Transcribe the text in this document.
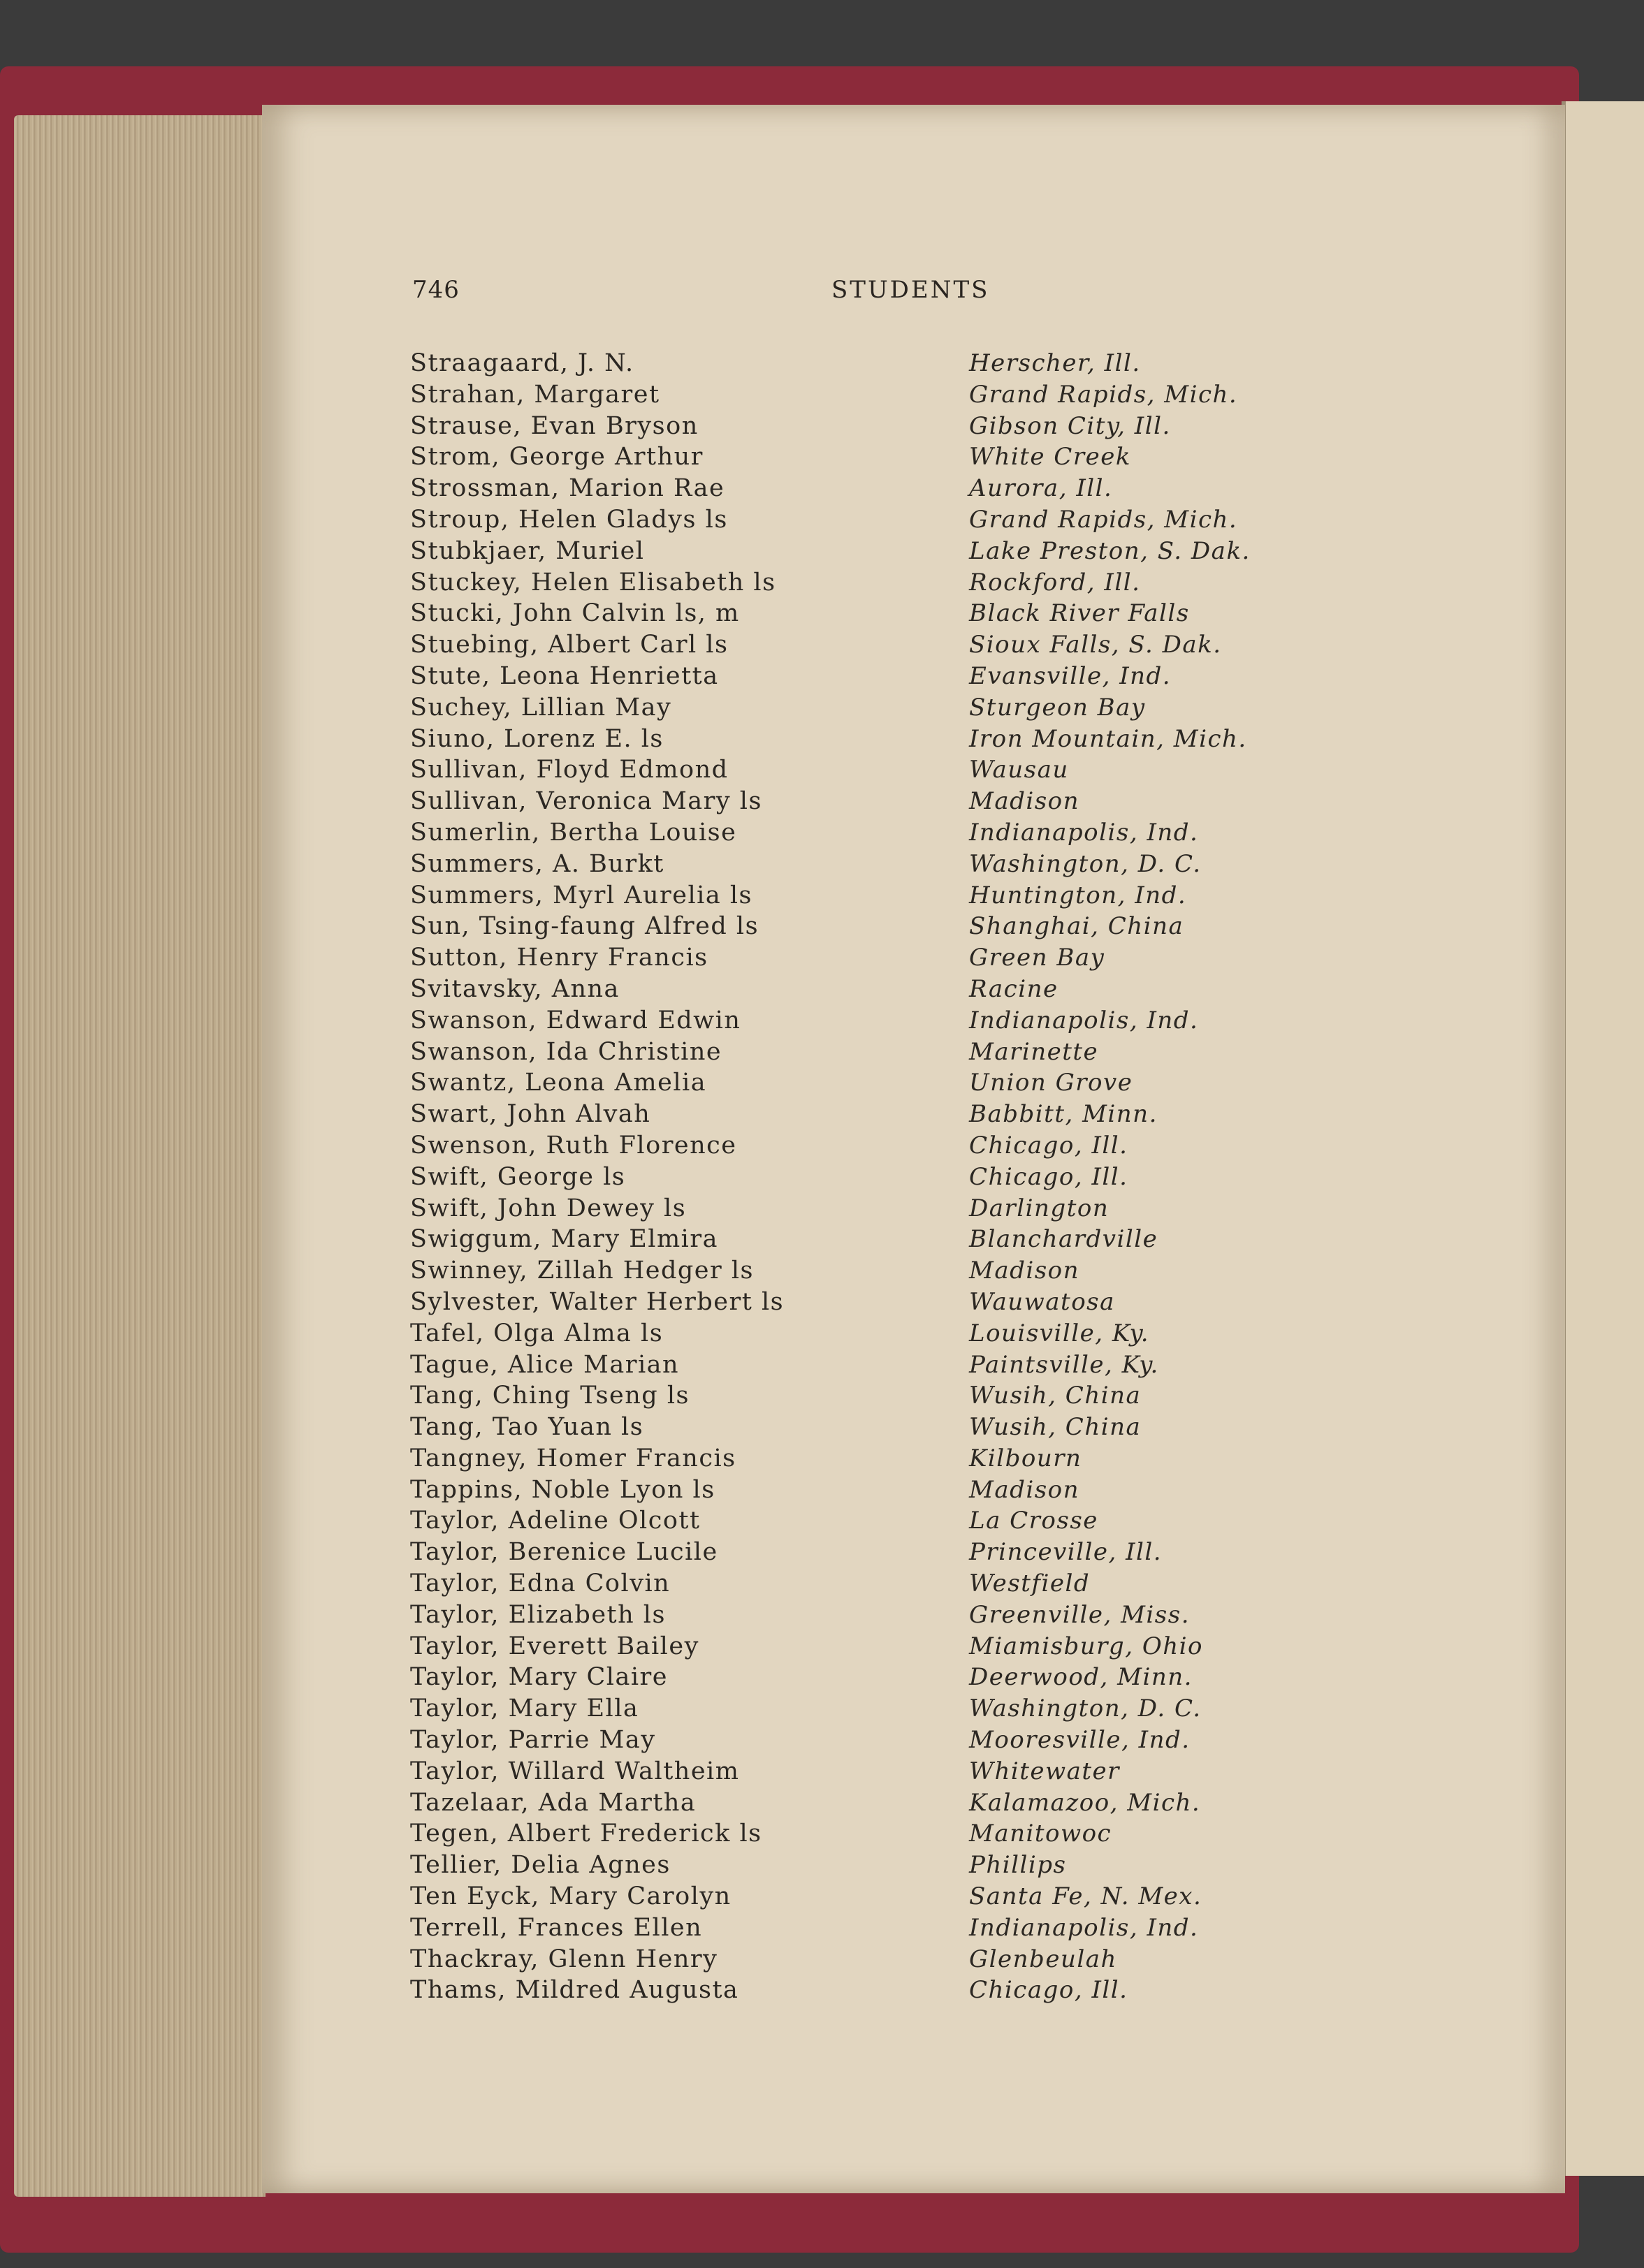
746	STUDENTS
Straagaard, J. N.	Herscher, Ill.
Strahan, Margaret	Grand Rapids, Mich.
Strause, Evan Bryson	Gibson City, Ill.
Strom, George Arthur	White Creek
Strossman, Marion Rae	Aurora, Ill.
Stroup, Helen Gladys ls	Grand Rapids, Mich.
Stubkjaer, Muriel	Lake Preston, S. Dak.
Stuckey, Helen Elisabeth ls	Rockford, Ill.
Stucki, John Calvin ls, m	Black River Falls
Stuebing, Albert Carl ls	Sioux Falls, S. Dak.
Stute, Leona Henrietta	Evansville, Ind.
Suchey, Lillian May	Sturgeon Bay
Siuno, Lorenz E. ls	Iron Mountain, Mich.
Sullivan, Floyd Edmond	Wausau
Sullivan, Veronica Mary ls	Madison
Sumerlin, Bertha Louise	Indianapolis, Ind.
Summers, A. Burkt	Washington, D. C.
Summers, Myrl Aurelia ls	Huntington, Ind.
Sun, Tsing-faung Alfred ls	Shanghai, China
Sutton, Henry Francis	Green Bay
Svitavsky, Anna	Racine
Swanson, Edward Edwin	Indianapolis, Ind.
Swanson, Ida Christine	Marinette
Swantz, Leona Amelia	Union Grove
Swart, John Alvah	Babbitt, Minn.
Swenson, Ruth Florence	Chicago, Ill.
Swift, George ls	Chicago, Ill.
Swift, John Dewey ls	Darlington
Swiggum, Mary Elmira	Blanchardville
Swinney, Zillah Hedger ls	Madison
Sylvester, Walter Herbert ls	Wauwatosa
Tafel, Olga Alma ls	Louisville, Ky.
Tague, Alice Marian	Paintsville, Ky.
Tang, Ching Tseng ls	Wusih, China
Tang, Tao Yuan ls	Wusih, China
Tangney, Homer Francis	Kilbourn
Tappins, Noble Lyon ls	Madison
Taylor, Adeline Olcott	La Crosse
Taylor, Berenice Lucile	Princeville, Ill.
Taylor, Edna Colvin	Westfield
Taylor, Elizabeth ls	Greenville, Miss.
Taylor, Everett Bailey	Miamisburg, Ohio
Taylor, Mary Claire	Deerwood, Minn.
Taylor, Mary Ella	Washington, D. C.
Taylor, Parrie May	Mooresville, Ind.
Taylor, Willard Waltheim	Whitewater
Tazelaar, Ada Martha	Kalamazoo, Mich.
Tegen, Albert Frederick ls	Manitowoc
Tellier, Delia Agnes	Phillips
Ten Eyck, Mary Carolyn	Santa Fe, N. Mex.
Terrell, Frances Ellen	Indianapolis, Ind.
Thackray, Glenn Henry	Glenbeulah
Thams, Mildred Augusta	Chicago, Ill.
